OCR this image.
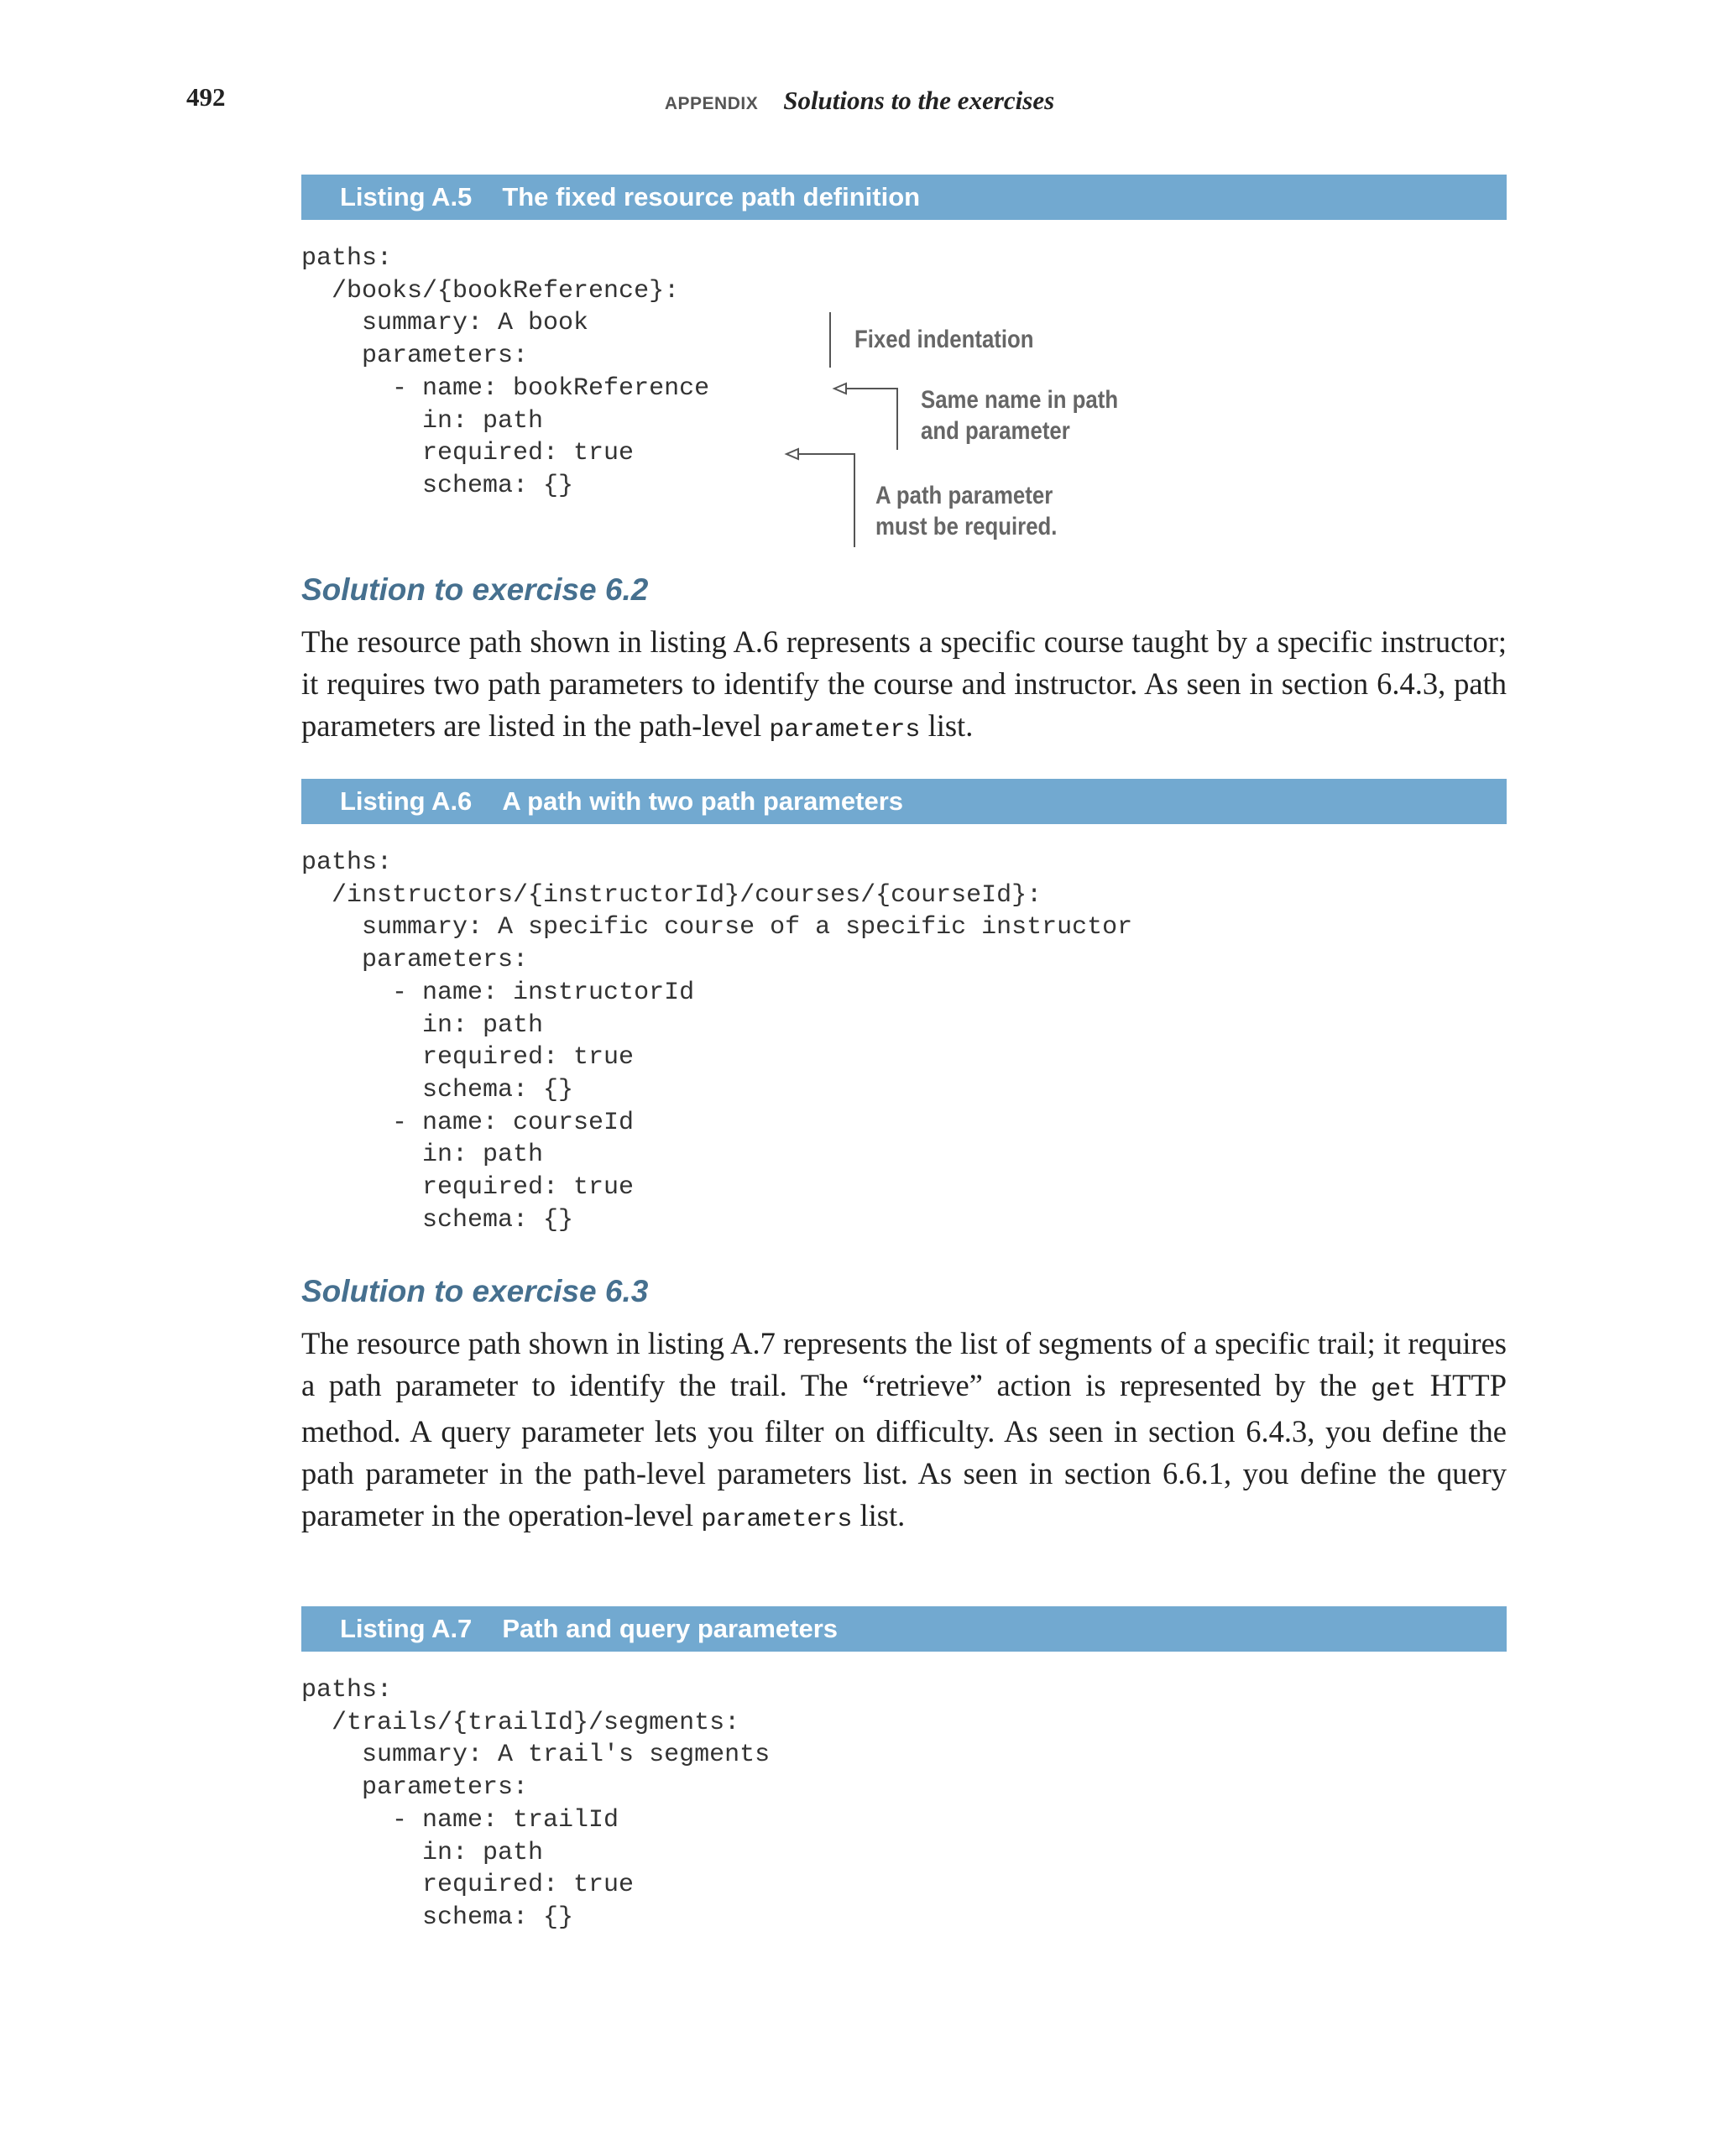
492	APPENDIX Solutions to the exercises
Listing A.5 The fixed resource path definition
paths:
/books/{bookReference}:
summary: A book
parameters:
- name: bookReference
in: path
required: true
schema: {}
Fixed indentation
Same name in path
and parameter
A path parameter
must be required.
Solution to exercise 6.2

The resource path shown in listing A.6 represents a specific course taught by a specific instructor; it requires two path parameters to identify the course and instructor. As seen in section 6.4.3, path parameters are listed in the path-level parameters list.

Listing A.6 A path with two path parameters
paths:
/instructors/{instructorId}/courses/{courseId}:
summary: A specific course of a specific instructor
parameters:
- name: instructorId
in: path
required: true
schema: {}
- name: courseId
in: path
required: true
schema: {}
Solution to exercise 6.3

The resource path shown in listing A.7 represents the list of segments of a specific trail; it requires a path parameter to identify the trail. The “retrieve” action is represented by the get HTTP method. A query parameter lets you filter on difficulty. As seen in section 6.4.3, you define the path parameter in the path-level parameters list. As seen in section 6.6.1, you define the query parameter in the operation-level parameters list.

Listing A.7 Path and query parameters
paths:
/trails/{trailId}/segments:
summary: A trail's segments
parameters:
- name: trailId
in: path
required: true
schema: {}
